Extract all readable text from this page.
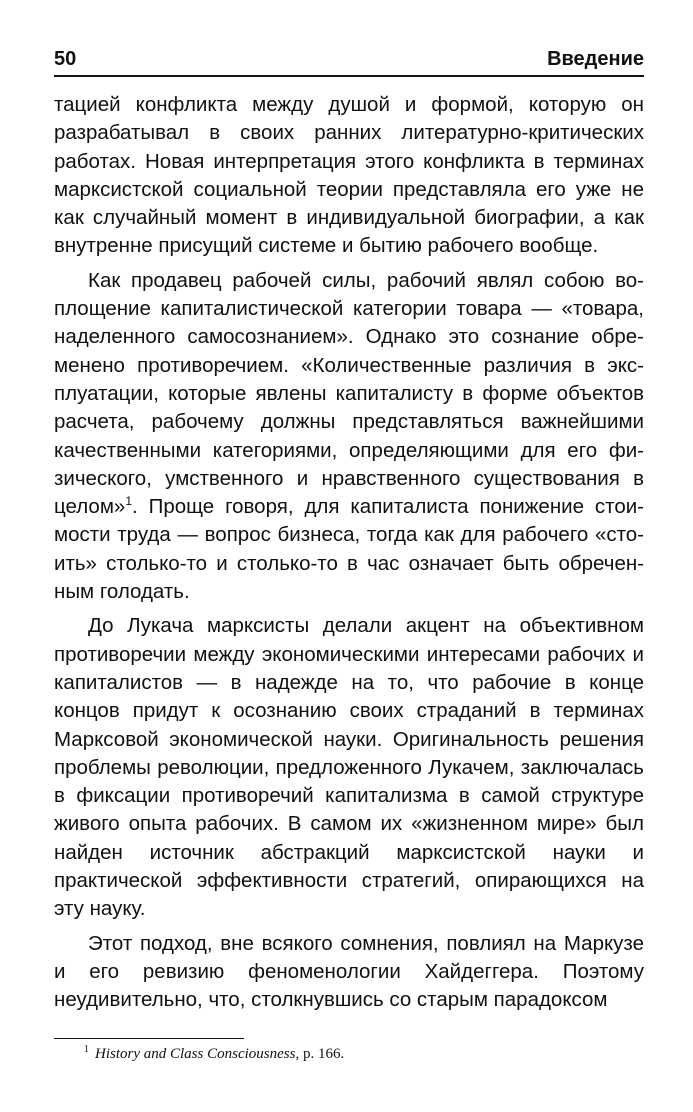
50	Введение

тацией конфликта между душой и формой, которую он разрабатывал в своих ранних литературно-критических работах. Новая интерпретация этого конфликта в терминах марксистской социальной теории представляла его уже не как случайный момент в индивидуальной биографии, а как внутренне присущий системе и бытию рабочего вообще.

Как продавец рабочей силы, рабочий являл собою воплощение капиталистической категории товара — «товара, наделенного самосознанием». Однако это сознание обременено противоречием. «Количественные различия в эксплуатации, которые явлены капиталисту в форме объектов расчета, рабочему должны представляться важнейшими качественными категориями, определяющими для его физического, умственного и нравственного существования в целом»$^1$. Проще говоря, для капиталиста понижение стоимости труда — вопрос бизнеса, тогда как для рабочего «стоить» столько-то и столько-то в час означает быть обреченным голодать.

До Лукача марксисты делали акцент на объективном противоречии между экономическими интересами рабочих и капиталистов — в надежде на то, что рабочие в конце концов придут к осознанию своих страданий в терминах Марксовой экономической науки. Оригинальность решения проблемы революции, предложенного Лукачем, заключалась в фиксации противоречий капитализма в самой структуре живого опыта рабочих. В самом их «жизненном мире» был найден источник абстракций марксистской науки и практической эффективности стратегий, опирающихся на эту науку.

Этот подход, вне всякого сомнения, повлиял на Маркузе и его ревизию феноменологии Хайдеггера. Поэтому неудивительно, что, столкнувшись со старым парадоксом

$^1$ History and Class Consciousness, p. 166.
